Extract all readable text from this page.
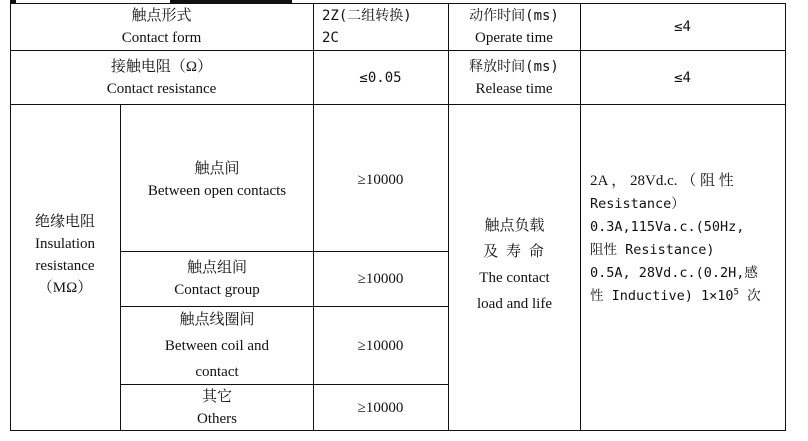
触点形式
Contact form
2Z(二组转换)
2C
动作时间(ms)
Operate time
≤4
接触电阻（Ω）
Contact resistance
≤0.05
释放时间(ms)
Release time
≤4
绝缘电阻
Insulation
resistance
（MΩ）
触点间
Between open contacts
≥10000
触点组间
Contact group
≥10000
触点线圈间
Between coil and
contact
≥10000
其它
Others
≥10000
触点负载
及 寿 命
The contact
load and life
2A ， 28Vd.c. （ 阻 性
Resistance）
0.3A,115Va.c.(50Hz,
阻性 Resistance)
0.5A, 28Vd.c.(0.2H,感
性 Inductive) $1\times 10^5$ 次
